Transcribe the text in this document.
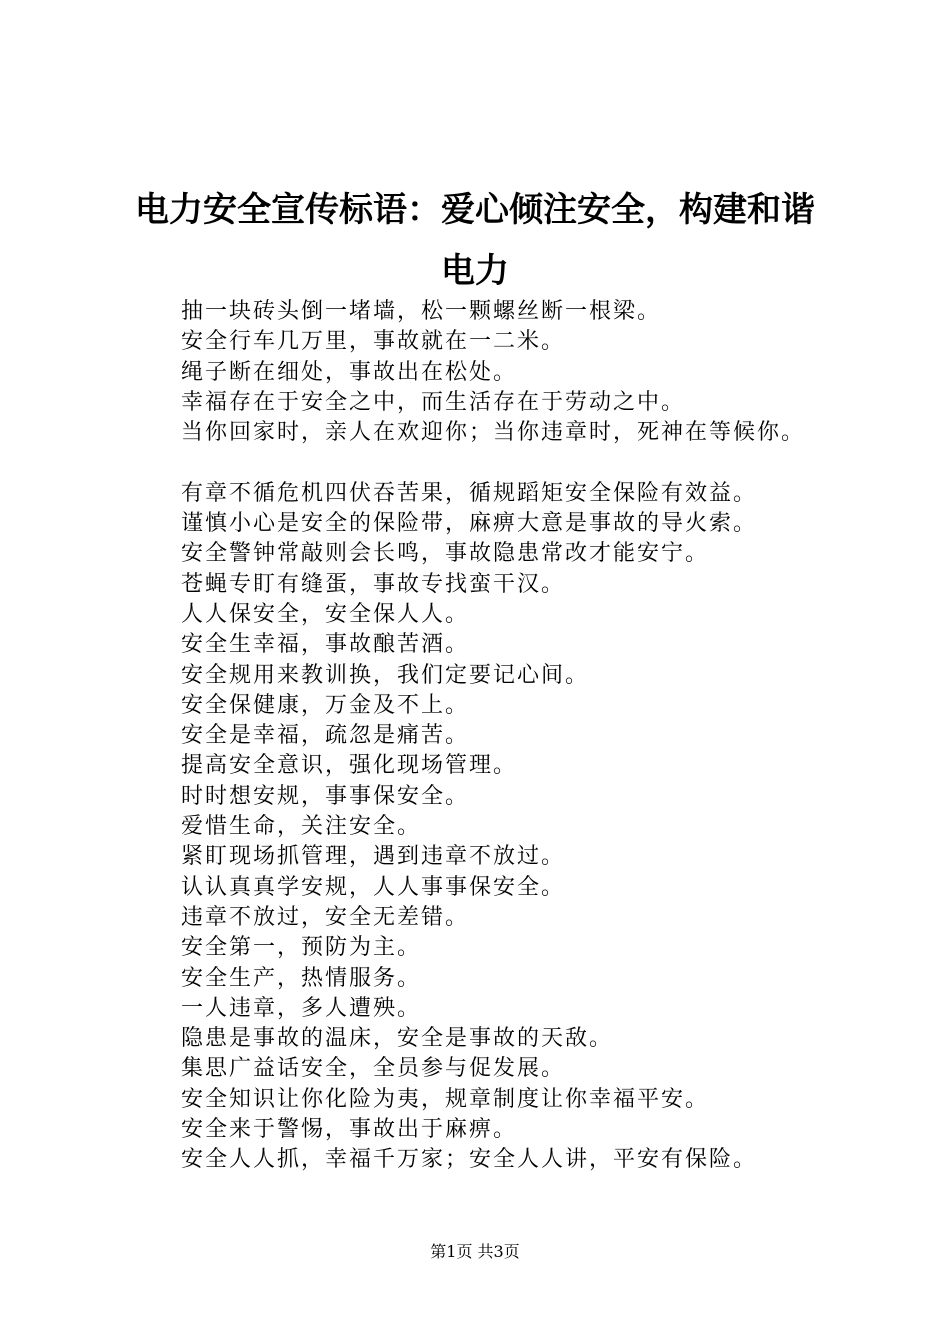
电力安全宣传标语：爱心倾注安全，构建和谐
电力
抽一块砖头倒一堵墙，松一颗螺丝断一根梁。
安全行车几万里，事故就在一二米。
绳子断在细处，事故出在松处。
幸福存在于安全之中，而生活存在于劳动之中。
当你回家时，亲人在欢迎你；当你违章时，死神在等候你。
有章不循危机四伏吞苦果，循规蹈矩安全保险有效益。
谨慎小心是安全的保险带，麻痹大意是事故的导火索。
安全警钟常敲则会长鸣，事故隐患常改才能安宁。
苍蝇专盯有缝蛋，事故专找蛮干汉。
人人保安全，安全保人人。
安全生幸福，事故酿苦酒。
安全规用来教训换，我们定要记心间。
安全保健康，万金及不上。
安全是幸福，疏忽是痛苦。
提高安全意识，强化现场管理。
时时想安规，事事保安全。
爱惜生命，关注安全。
紧盯现场抓管理，遇到违章不放过。
认认真真学安规，人人事事保安全。
违章不放过，安全无差错。
安全第一，预防为主。
安全生产，热情服务。
一人违章，多人遭殃。
隐患是事故的温床，安全是事故的天敌。
集思广益话安全，全员参与促发展。
安全知识让你化险为夷，规章制度让你幸福平安。
安全来于警惕，事故出于麻痹。
安全人人抓，幸福千万家；安全人人讲，平安有保险。
第1页 共3页
